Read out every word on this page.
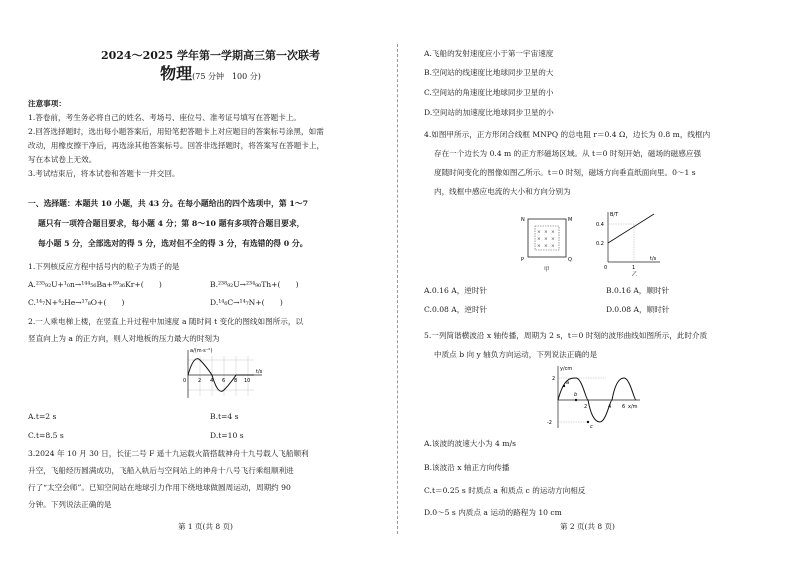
2024～2025 学年第一学期高三第一次联考
物理(75 分钟　100 分)
注意事项：
1.答卷前，考生务必将自己的姓名、考场号、座位号、准考证号填写在答题卡上。
2.回答选择题时，选出每小题答案后，用铅笔把答题卡上对应题目的答案标号涂黑，如需
改动，用橡皮擦干净后，再选涂其他答案标号。回答非选择题时，将答案写在答题卡上，
写在本试卷上无效。
3.考试结束后，将本试卷和答题卡一并交回。
一、选择题：本题共 10 小题，共 43 分。在每小题给出的四个选项中，第 1～7
题只有一项符合题目要求，每小题 4 分；第 8～10 题有多项符合题目要求，
每小题 5 分，全部选对的得 5 分，选对但不全的得 3 分，有选错的得 0 分。
1.下列核反应方程中括号内的粒子为质子的是
A.²³⁵₉₂U+¹₀n→¹⁴⁴₅₆Ba+⁸⁹₃₆Kr+(　　)	B.²³⁸₉₂U→²³⁴₉₀Th+(　　)
C.¹⁴₇N+⁴₂He→¹⁷₈O+(　　)	D.¹⁴₆C→¹⁴₇N+(　　)
2.一人乘电梯上楼，在竖直上升过程中加速度 a 随时间 t 变化的图线如图所示，以
竖直向上为 a 的正方向，则人对地板的压力最大的时刻为
a/(m·s⁻²)
t/s
0 2 4 6 8 10
A.t=2 s	B.t=4 s
C.t=8.5 s	D.t=10 s
3.2024 年 10 月 30 日，长征二号 F 遥十九运载火箭搭载神舟十九号载人飞船顺利
升空，飞船经历圆满成功，飞船入轨后与空间站上的神舟十八号飞行乘组顺利进
行了“太空会师”。已知空间站在地球引力作用下绕地球做圆周运动，周期约 90
分钟。下列说法正确的是
第 1 页(共 8 页)
A.飞船的发射速度应小于第一宇宙速度
B.空间站的线速度比地球同步卫星的大
C.空间站的角速度比地球同步卫星的小
D.空间站的加速度比地球同步卫星的小
4.如图甲所示，正方形闭合线框 MNPQ 的总电阻 r＝0.4 Ω，边长为 0.8 m，线框内
存在一个边长为 0.4 m 的正方形磁场区域。从 t＝0 时刻开始，磁场的磁感应强
度随时间变化的图像如图乙所示。t＝0 时刻，磁场方向垂直纸面向里。0～1 s
内，线框中感应电流的大小和方向分别为
× × ×
× × ×
× × ×
N	M
P	Q
甲
B/T
t/s
0.4
0.2
0	1
乙
A.0.16 A，逆时针	B.0.16 A，顺时针
C.0.08 A，逆时针	D.0.08 A，顺时针
5.一列简谐横波沿 x 轴传播，周期为 2 s，t＝0 时刻的波形曲线如图所示，此时介质
中质点 b 向 y 轴负方向运动，下列说法正确的是
y/cm
x/m
2
-2
2	4 6
a
b
c
A.该波的波速大小为 4 m/s
B.该波沿 x 轴正方向传播
C.t＝0.25 s 时质点 a 和质点 c 的运动方向相反
D.0～5 s 内质点 a 运动的路程为 10 cm
第 2 页(共 8 页)
